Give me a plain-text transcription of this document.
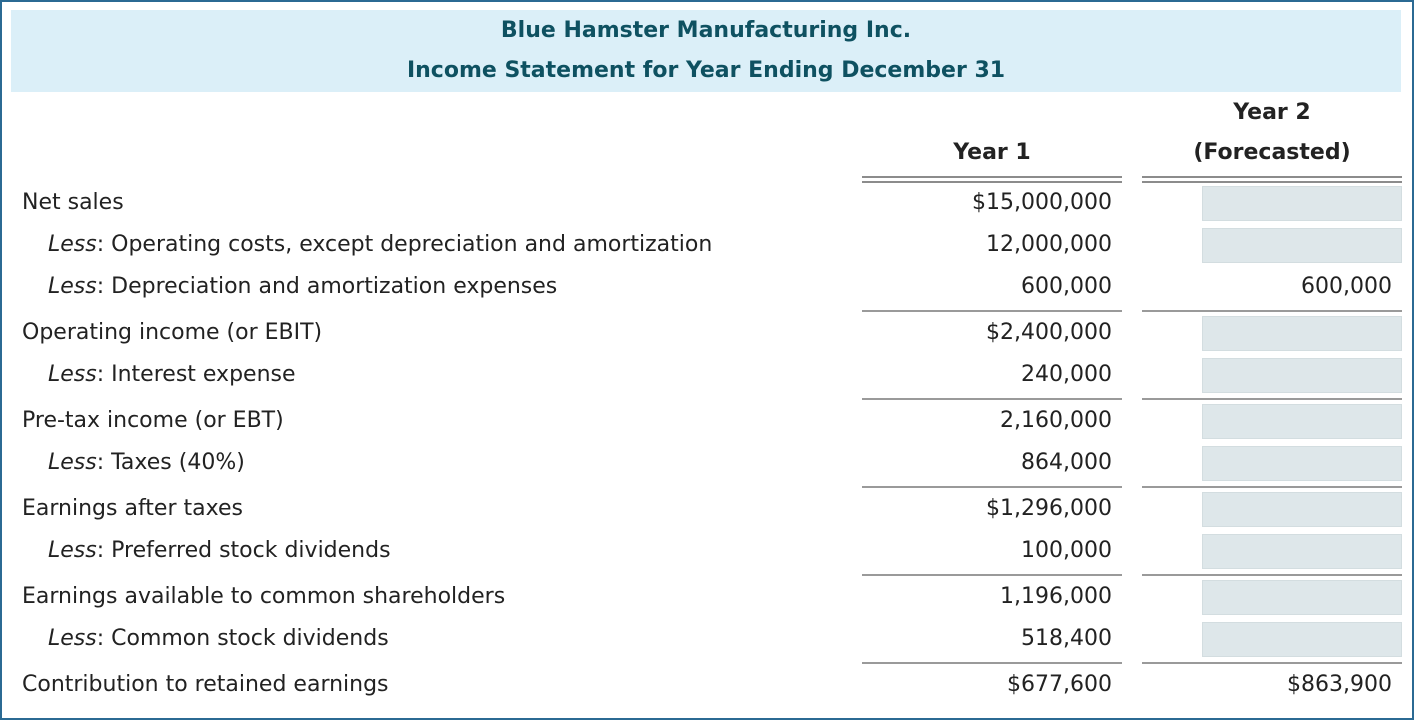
Blue Hamster Manufacturing Inc.
Income Statement for Year Ending December 31
Year 1
Year 2
(Forecasted)
Net sales	$15,000,000
Less: Operating costs, except depreciation and amortization	12,000,000
Less: Depreciation and amortization expenses	600,000	600,000
Operating income (or EBIT)	$2,400,000
Less: Interest expense	240,000
Pre-tax income (or EBT)	2,160,000
Less: Taxes (40%)	864,000
Earnings after taxes	$1,296,000
Less: Preferred stock dividends	100,000
Earnings available to common shareholders	1,196,000
Less: Common stock dividends	518,400
Contribution to retained earnings	$677,600	$863,900
